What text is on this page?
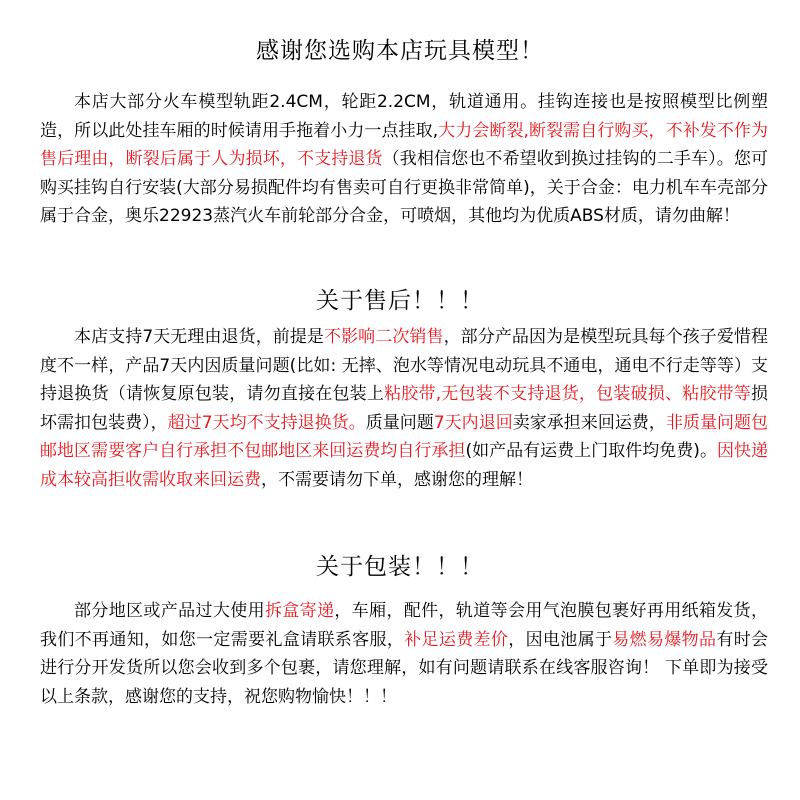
感谢您选购本店玩具模型！

本店大部分火车模型轨距2.4CM，轮距2.2CM，轨道通用。挂钩连接也是按照模型比例塑造，所以此处挂车厢的时候请用手拖着小力一点挂取,大力会断裂,断裂需自行购买，不补发不作为售后理由，断裂后属于人为损坏，不支持退货（我相信您也不希望收到换过挂钩的二手车）。您可购买挂钩自行安装(大部分易损配件均有售卖可自行更换非常简单)，关于合金：电力机车车壳部分属于合金，奥乐22923蒸汽火车前轮部分合金，可喷烟，其他均为优质ABS材质，请勿曲解！

关于售后！！！

本店支持7天无理由退货，前提是不影响二次销售，部分产品因为是模型玩具每个孩子爱惜程度不一样，产品7天内因质量问题(比如: 无摔、泡水等情况电动玩具不通电，通电不行走等等）支持退换货（请恢复原包装，请勿直接在包装上粘胶带,无包装不支持退货，包装破损、粘胶带等损坏需扣包装费），超过7天均不支持退换货。质量问题7天内退回卖家承担来回运费，非质量问题包邮地区需要客户自行承担不包邮地区来回运费均自行承担(如产品有运费上门取件均免费)。因快递成本较高拒收需收取来回运费，不需要请勿下单，感谢您的理解！

关于包装！！！

部分地区或产品过大使用拆盒寄递，车厢，配件，轨道等会用气泡膜包裹好再用纸箱发货，我们不再通知，如您一定需要礼盒请联系客服，补足运费差价，因电池属于易燃易爆物品有时会进行分开发货所以您会收到多个包裹，请您理解，如有问题请联系在线客服咨询！ 下单即为接受以上条款，感谢您的支持，祝您购物愉快！！！
